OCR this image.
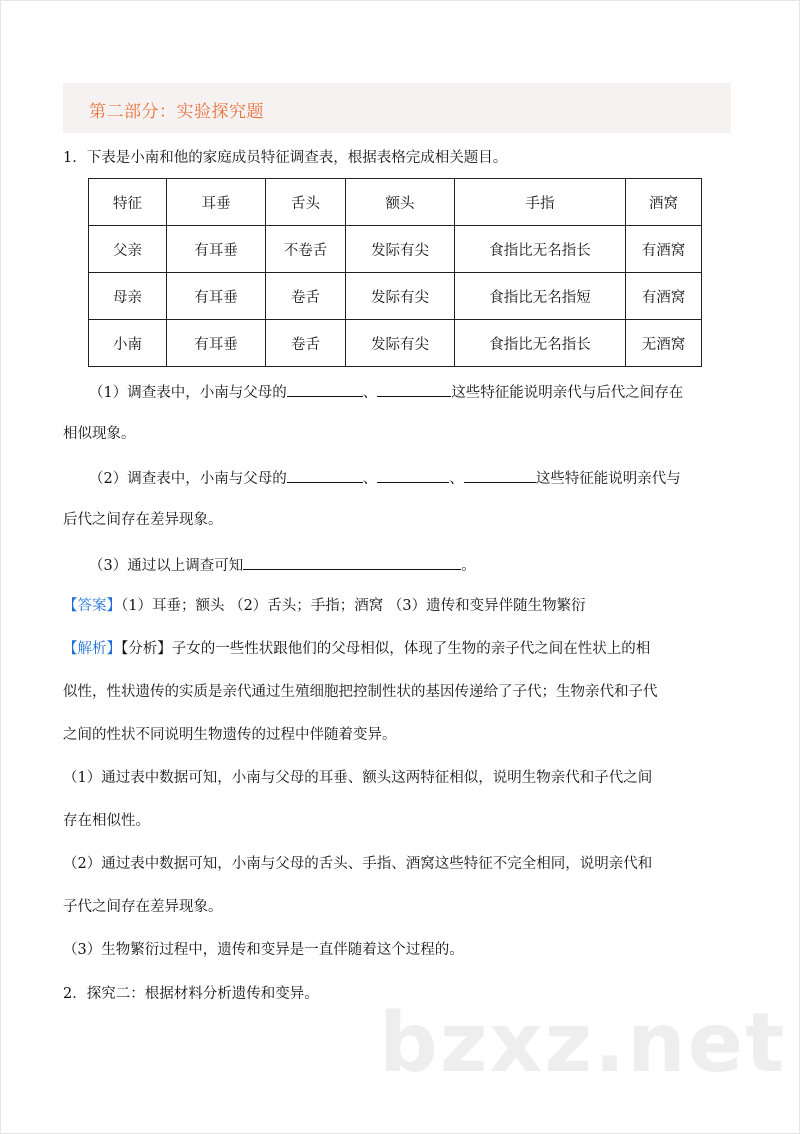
第二部分：实验探究题
1．下表是小南和他的家庭成员特征调查表，根据表格完成相关题目。
特征	耳垂	舌头	额头	手指	酒窝
父亲	有耳垂	不卷舌	发际有尖	食指比无名指长	有酒窝
母亲	有耳垂	卷舌	发际有尖	食指比无名指短	有酒窝
小南	有耳垂	卷舌	发际有尖	食指比无名指长	无酒窝
（1）调查表中，小南与父母的	、	这些特征能说明亲代与后代之间存在
相似现象。
（2）调查表中，小南与父母的	、	、	这些特征能说明亲代与
后代之间存在差异现象。
（3）通过以上调查可知	。
【答案】（1）耳垂；额头 （2）舌头；手指；酒窝 （3）遗传和变异伴随生物繁衍
【解析】【分析】子女的一些性状跟他们的父母相似，体现了生物的亲子代之间在性状上的相
似性，性状遗传的实质是亲代通过生殖细胞把控制性状的基因传递给了子代；生物亲代和子代
之间的性状不同说明生物遗传的过程中伴随着变异。
（1）通过表中数据可知，小南与父母的耳垂、额头这两特征相似，说明生物亲代和子代之间
存在相似性。
（2）通过表中数据可知，小南与父母的舌头、手指、酒窝这些特征不完全相同，说明亲代和
子代之间存在差异现象。
（3）生物繁衍过程中，遗传和变异是一直伴随着这个过程的。
2．探究二：根据材料分析遗传和变异。
bzxz.net
